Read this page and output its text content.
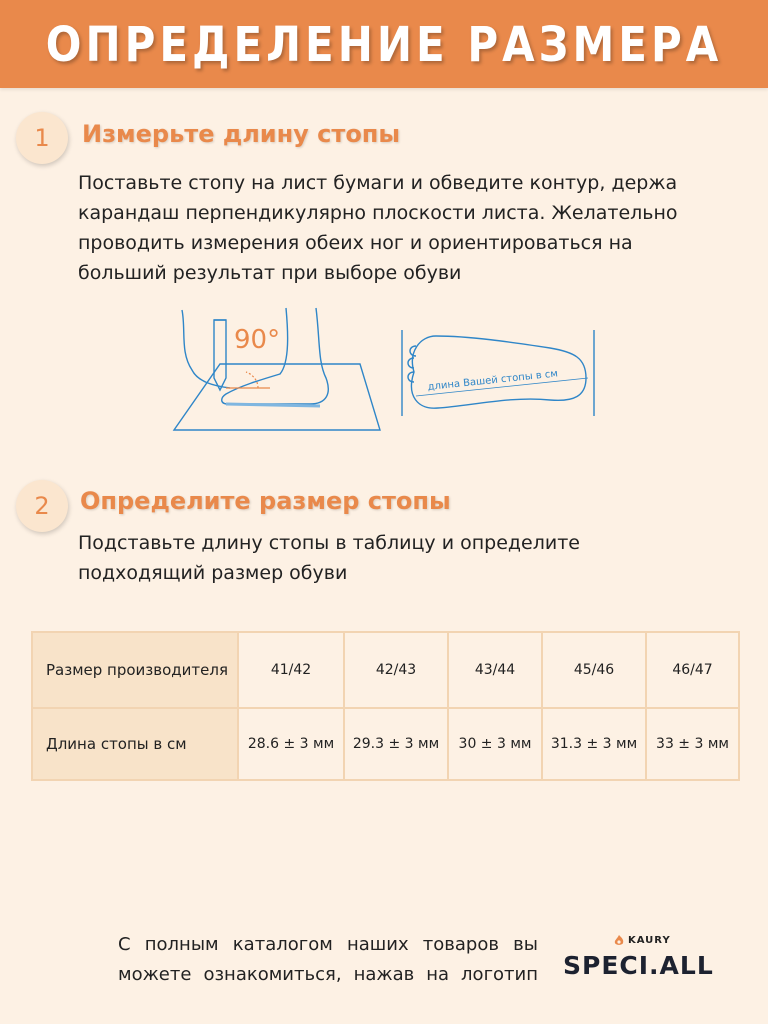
ОПРЕДЕЛЕНИЕ РАЗМЕРА
1 Измерьте длину стопы
Поставьте стопу на лист бумаги и обведите контур, держа карандаш перпендикулярно плоскости листа. Желательно проводить измерения обеих ног и ориентироваться на больший результат при выборе обуви
90°
длина Вашей стопы в см
2 Определите размер стопы
Подставьте длину стопы в таблицу и определите подходящий размер обуви
Размер производителя	41/42	42/43	43/44	45/46	46/47
Длина стопы в см	28.6 ± 3 мм	29.3 ± 3 мм	30 ± 3 мм	31.3 ± 3 мм	33 ± 3 мм
С полным каталогом наших товаров вы можете ознакомиться, нажав на логотип
KAURY
SPECI.ALL
